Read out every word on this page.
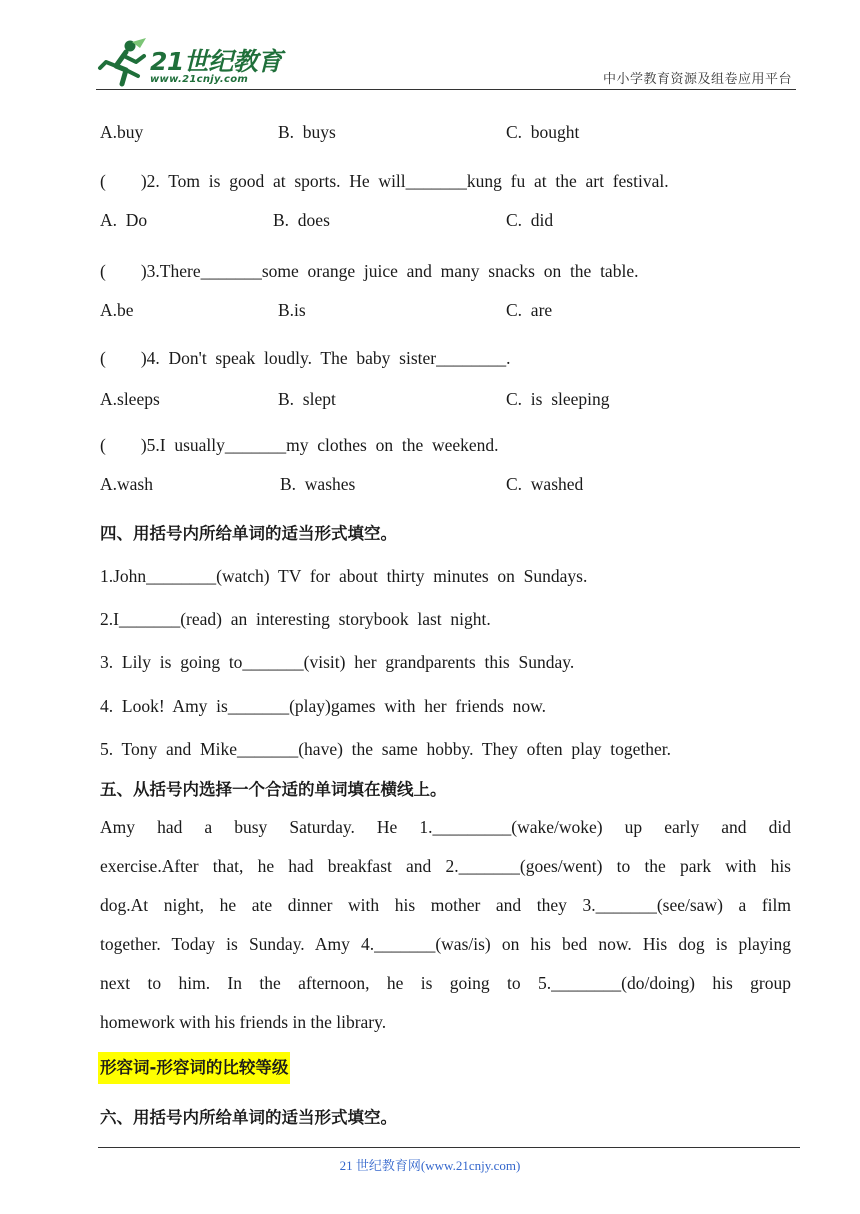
21世纪教育
www.21cnjy.com	中小学教育资源及组卷应用平台
A.buy	B.  buys	C.  bought
(        )2.  Tom  is  good  at  sports.  He  will_______kung  fu  at  the  art  festival.
A.  Do	B.  does	C.  did
(        )3.There_______some  orange  juice  and  many  snacks  on  the  table.
A.be	B.is	C.  are
(        )4.  Don't  speak  loudly.  The  baby  sister________.
A.sleeps	B.  slept	C.  is  sleeping
(        )5.I  usually_______my  clothes  on  the  weekend.
A.wash	B.  washes	C.  washed
四、用括号内所给单词的适当形式填空。
1.John________(watch)  TV  for  about  thirty  minutes  on  Sundays.
2.I_______(read)  an  interesting  storybook  last  night.
3.  Lily  is  going  to_______(visit)  her  grandparents  this  Sunday.
4.  Look!  Amy  is_______(play)games  with  her  friends  now.
5.  Tony  and  Mike_______(have)  the  same  hobby.  They  often  play  together.
五、从括号内选择一个合适的单词填在横线上。
Amy had a busy Saturday. He 1._________(wake/woke) up early and did
exercise.After that, he had breakfast and 2._______(goes/went) to the park with his
dog.At night, he ate dinner with his mother and they 3._______(see/saw) a film
together. Today is Sunday. Amy 4._______(was/is) on his bed now. His dog is playing
next to him. In the afternoon, he is going to 5.________(do/doing) his group
homework with his friends in the library.
形容词-形容词的比较等级
六、用括号内所给单词的适当形式填空。
21 世纪教育网(www.21cnjy.com)
